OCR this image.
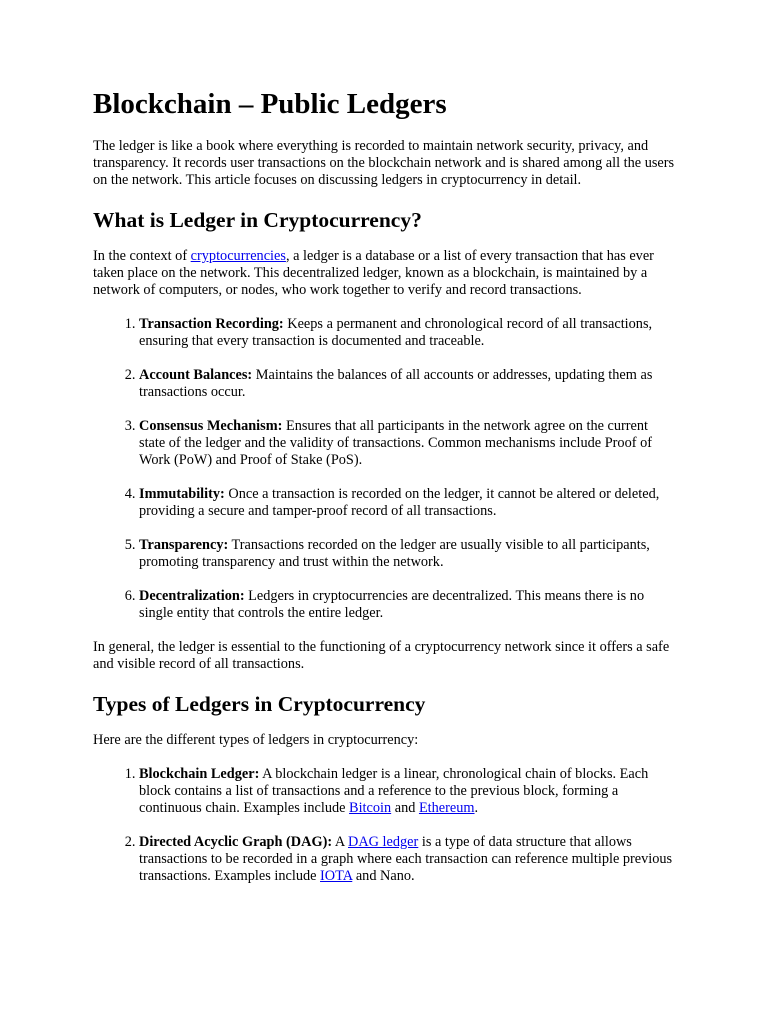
Blockchain – Public Ledgers

The ledger is like a book where everything is recorded to maintain network security, privacy, and transparency. It records user transactions on the blockchain network and is shared among all the users on the network. This article focuses on discussing ledgers in cryptocurrency in detail.

What is Ledger in Cryptocurrency?

In the context of cryptocurrencies, a ledger is a database or a list of every transaction that has ever taken place on the network. This decentralized ledger, known as a blockchain, is maintained by a network of computers, or nodes, who work together to verify and record transactions.

1. Transaction Recording: Keeps a permanent and chronological record of all transactions, ensuring that every transaction is documented and traceable.
2. Account Balances: Maintains the balances of all accounts or addresses, updating them as transactions occur.
3. Consensus Mechanism: Ensures that all participants in the network agree on the current state of the ledger and the validity of transactions. Common mechanisms include Proof of Work (PoW) and Proof of Stake (PoS).
4. Immutability: Once a transaction is recorded on the ledger, it cannot be altered or deleted, providing a secure and tamper-proof record of all transactions.
5. Transparency: Transactions recorded on the ledger are usually visible to all participants, promoting transparency and trust within the network.
6. Decentralization: Ledgers in cryptocurrencies are decentralized. This means there is no single entity that controls the entire ledger.

In general, the ledger is essential to the functioning of a cryptocurrency network since it offers a safe and visible record of all transactions.

Types of Ledgers in Cryptocurrency

Here are the different types of ledgers in cryptocurrency:

1. Blockchain Ledger: A blockchain ledger is a linear, chronological chain of blocks. Each block contains a list of transactions and a reference to the previous block, forming a continuous chain. Examples include Bitcoin and Ethereum.
2. Directed Acyclic Graph (DAG): A DAG ledger is a type of data structure that allows transactions to be recorded in a graph where each transaction can reference multiple previous transactions. Examples include IOTA and Nano.
